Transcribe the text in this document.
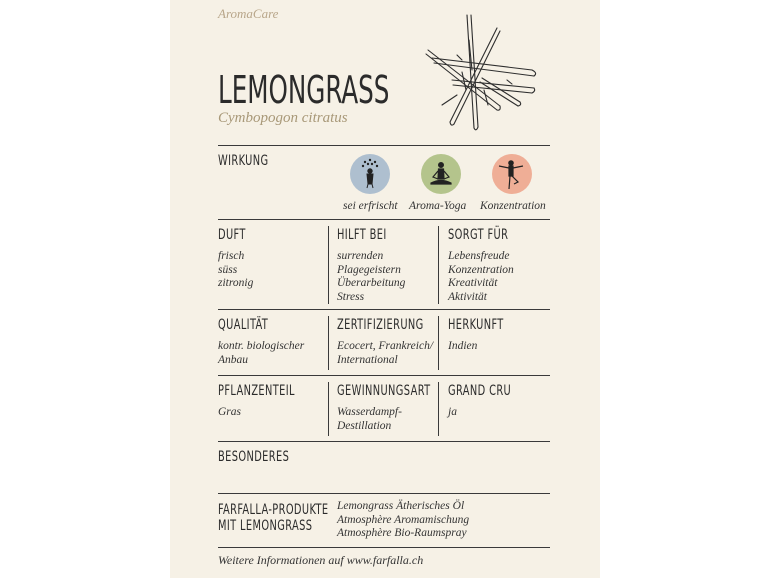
AromaCare
LEMONGRASS
Cymbopogon citratus
WIRKUNG
sei erfrischt Aroma-Yoga Konzentration
DUFT
frisch
süss
zitronig
HILFT BEI
surrenden
Plagegeistern
Überarbeitung
Stress
SORGT FÜR
Lebensfreude
Konzentration
Kreativität
Aktivität
QUALITÄT
kontr. biologischer
Anbau
ZERTIFIZIERUNG
Ecocert, Frankreich/
International
HERKUNFT
Indien
PFLANZENTEIL
Gras
GEWINNUNGSART
Wasserdampf-
Destillation
GRAND CRU
ja
BESONDERES
FARFALLA-PRODUKTE
MIT LEMONGRASS
Lemongrass Ätherisches Öl
Atmosphère Aromamischung
Atmosphère Bio-Raumspray
Weitere Informationen auf www.farfalla.ch
